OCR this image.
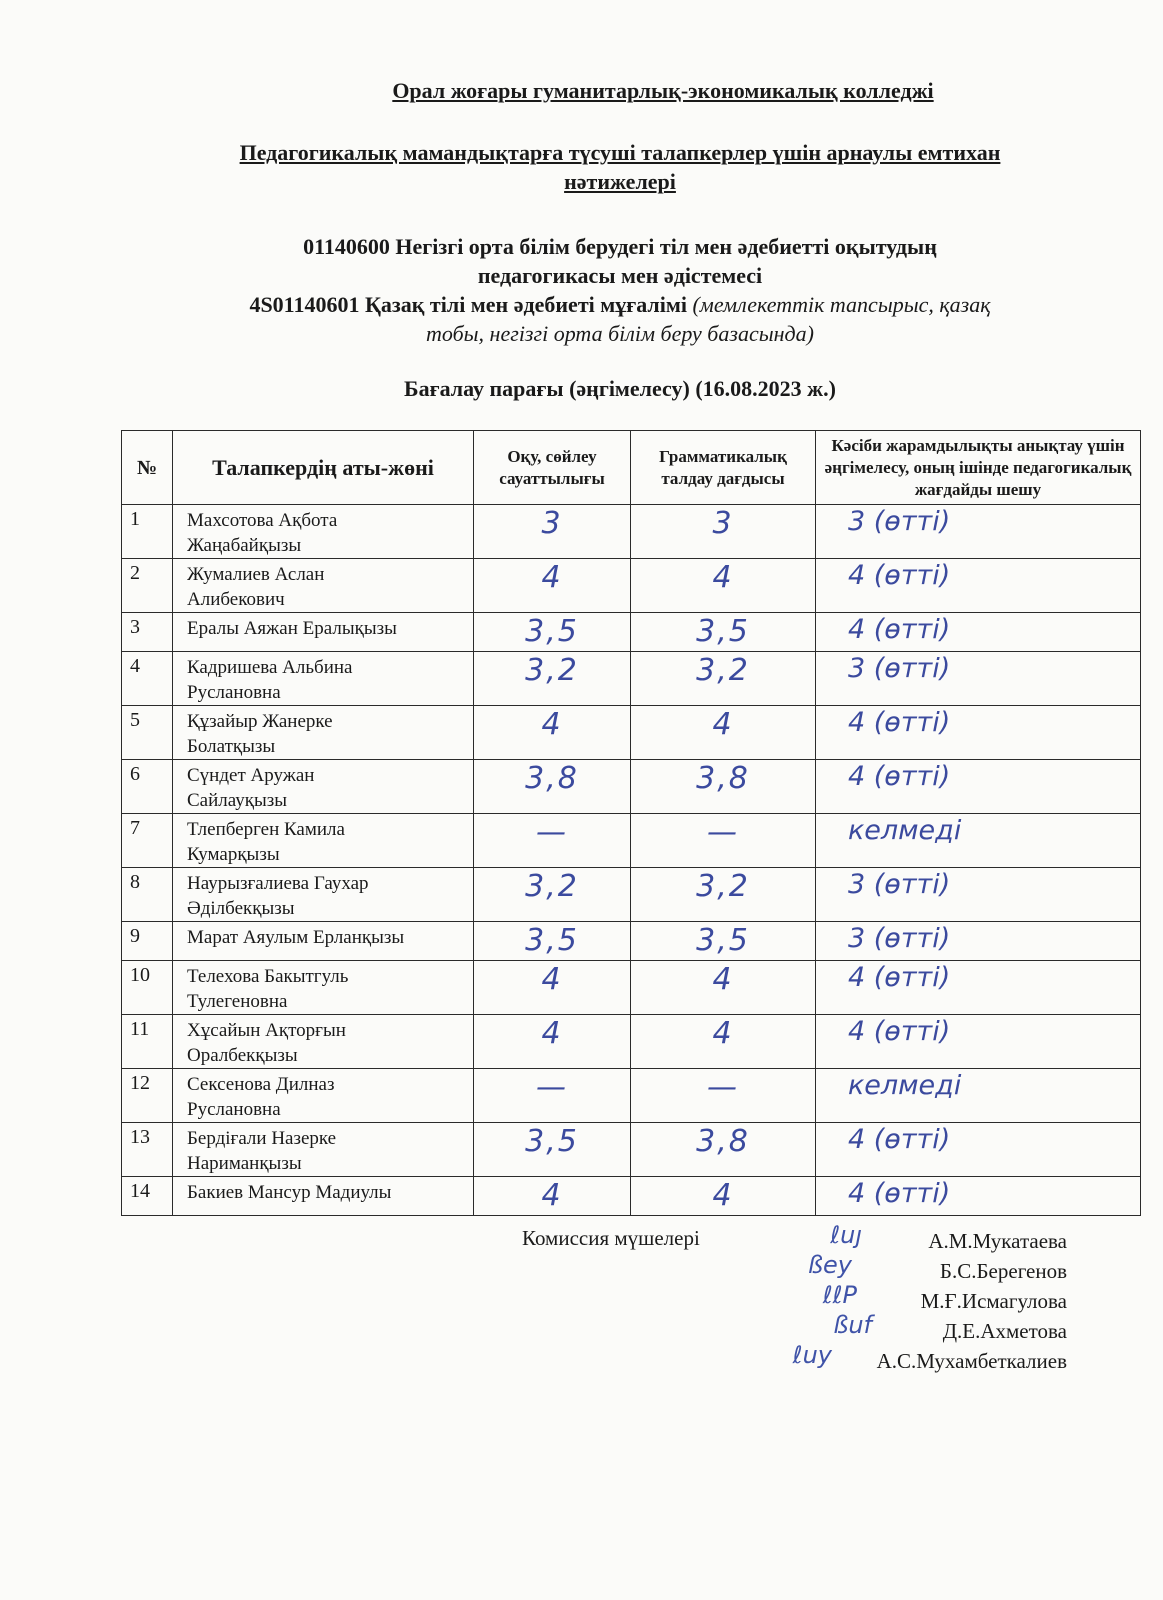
Орал жоғары гуманитарлық-экономикалық колледжі
Педагогикалық мамандықтарға түсуші талапкерлер үшін арнаулы емтихан
нәтижелері
01140600 Негізгі орта білім берудегі тіл мен әдебиетті оқытудың
педагогикасы мен әдістемесі
4S01140601 Қазақ тілі мен әдебиеті мұғалімі (мемлекеттік тапсырыс, қазақ
тобы, негізгі орта білім беру базасында)
Бағалау парағы (әңгімелесу) (16.08.2023 ж.)
№	Талапкердің аты-жөні	Оқу, сөйлеу сауаттылығы	Грамматикалық талдау дағдысы	Кәсіби жарамдылықты анықтау үшін әңгімелесу, оның ішінде педагогикалық жағдайды шешу
1	Махсотова Ақбота
Жаңабайқызы	3	3	3 (өтті)
2	Жумалиев Аслан
Алибекович	4	4	4 (өтті)
3	Ералы Аяжан Ералықызы	3,5	3,5	4 (өтті)
4	Кадришева Альбина
Руслановна	3,2	3,2	3 (өтті)
5	Құзайыр Жанерке
Болатқызы	4	4	4 (өтті)
6	Сүндет Аружан
Сайлауқызы	3,8	3,8	4 (өтті)
7	Тлепберген Камила
Кумарқызы	—	—	келмеді
8	Наурызғалиева Гаухар
Әділбекқызы	3,2	3,2	3 (өтті)
9	Марат Аяулым Ерланқызы	3,5	3,5	3 (өтті)
10	Телехова Бакытгуль
Тулегеновна	4	4	4 (өтті)
11	Хұсайын Ақторғын
Оралбекқызы	4	4	4 (өтті)
12	Сексенова Дилназ
Руслановна	—	—	келмеді
13	Бердіғали Назерке
Нариманқызы	3,5	3,8	4 (өтті)
14	Бакиев Мансур Мадиулы	4	4	4 (өтті)
Комиссия мүшелері	ℓuȷ	А.М.Мукатаева
ßey	Б.С.Берегенов
ℓℓP	М.Ғ.Исмагулова
ßuf	Д.Е.Ахметова
ℓuy А.С.Мухамбеткалиев
